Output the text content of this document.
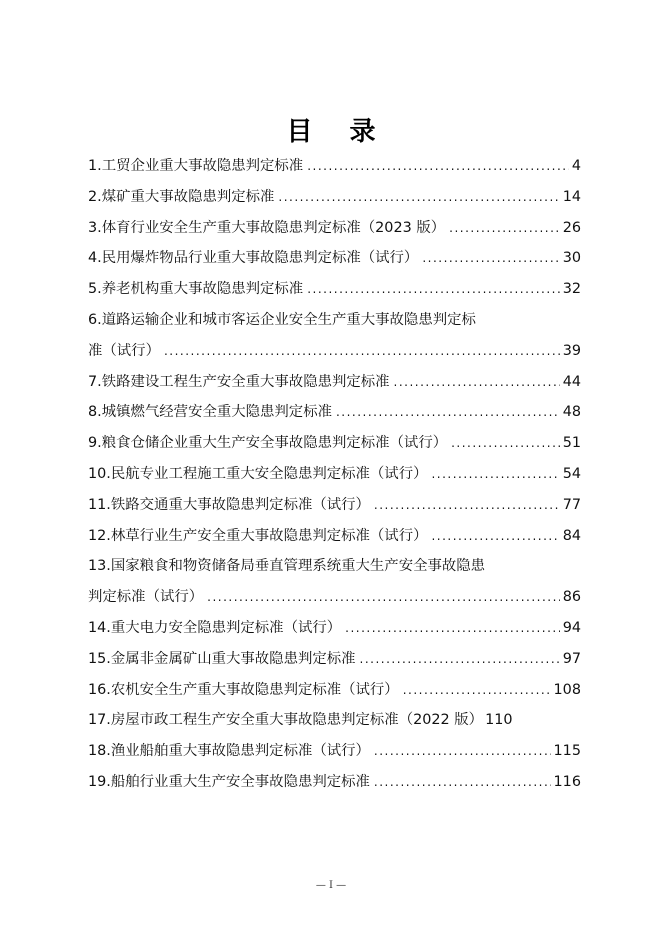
目 录
1.工贸企业重大事故隐患判定标准 .....	4
2.煤矿重大事故隐患判定标准 .....	14
3.体育行业安全生产重大事故隐患判定标准（2023 版） .....	26
4.民用爆炸物品行业重大事故隐患判定标准（试行） .....	30
5.养老机构重大事故隐患判定标准 .....	32
6.道路运输企业和城市客运企业安全生产重大事故隐患判定标
准（试行） .....	39
7.铁路建设工程生产安全重大事故隐患判定标准 .....	44
8.城镇燃气经营安全重大隐患判定标准 .....	48
9.粮食仓储企业重大生产安全事故隐患判定标准（试行） .....	51
10.民航专业工程施工重大安全隐患判定标准（试行） .....	54
11.铁路交通重大事故隐患判定标准（试行） .....	77
12.林草行业生产安全重大事故隐患判定标准（试行） .....	84
13.国家粮食和物资储备局垂直管理系统重大生产安全事故隐患
判定标准（试行） .....	86
14.重大电力安全隐患判定标准（试行） .....	94
15.金属非金属矿山重大事故隐患判定标准 .....	97
16.农机安全生产重大事故隐患判定标准（试行） .....	108
17.房屋市政工程生产安全重大事故隐患判定标准（2022 版） 110
18.渔业船舶重大事故隐患判定标准（试行） .....	115
19.船舶行业重大生产安全事故隐患判定标准 .....	116
— I —
